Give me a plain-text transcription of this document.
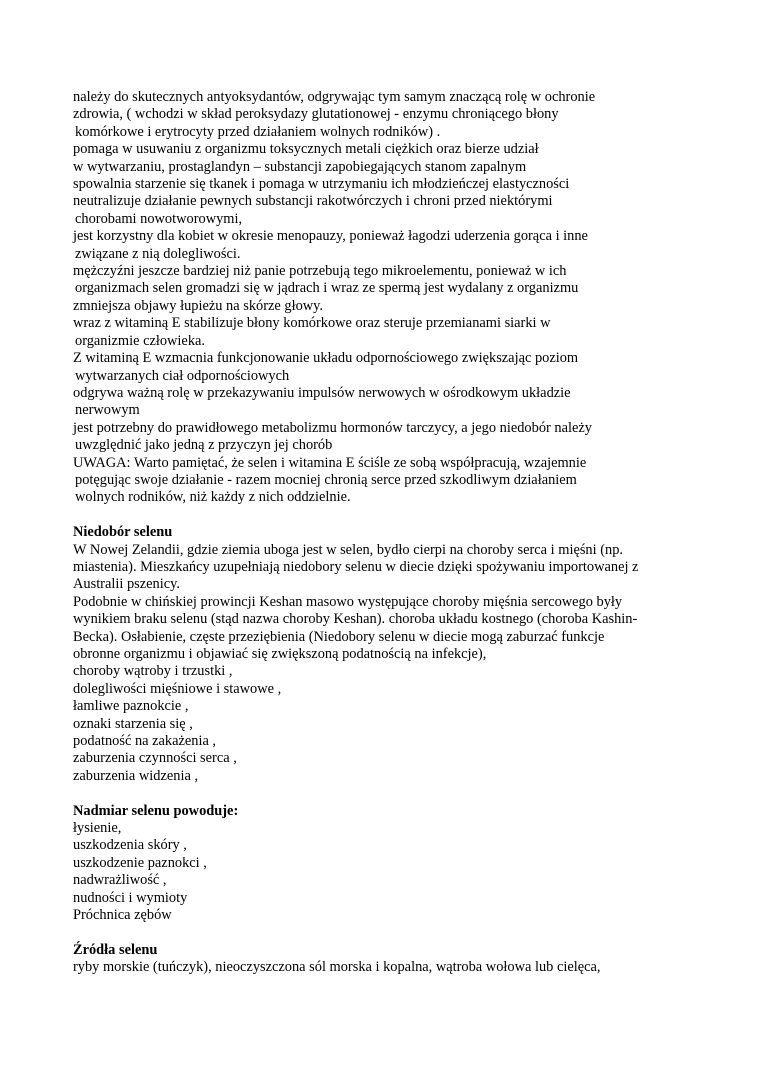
należy do skutecznych antyoksydantów, odgrywając tym samym znaczącą rolę w ochronie
zdrowia, ( wchodzi w skład peroksydazy glutationowej - enzymu chroniącego błony
komórkowe i erytrocyty przed działaniem wolnych rodników) .
pomaga w usuwaniu z organizmu toksycznych metali ciężkich oraz bierze udział
w wytwarzaniu, prostaglandyn – substancji zapobiegających stanom zapalnym
spowalnia starzenie się tkanek i pomaga w utrzymaniu ich młodzieńczej elastyczności
neutralizuje działanie pewnych substancji rakotwórczych i chroni przed niektórymi
chorobami nowotworowymi,
jest korzystny dla kobiet w okresie menopauzy, ponieważ łagodzi uderzenia gorąca i inne
związane z nią dolegliwości.
mężczyźni jeszcze bardziej niż panie potrzebują tego mikroelementu, ponieważ w ich
organizmach selen gromadzi się w jądrach i wraz ze spermą jest wydalany z organizmu
zmniejsza objawy łupieżu na skórze głowy.
wraz z witaminą E stabilizuje błony komórkowe oraz steruje przemianami siarki w
organizmie człowieka.
Z witaminą E wzmacnia funkcjonowanie układu odpornościowego zwiększając poziom
wytwarzanych ciał odpornościowych
odgrywa ważną rolę w przekazywaniu impulsów nerwowych w ośrodkowym układzie
nerwowym
jest potrzebny do prawidłowego metabolizmu hormonów tarczycy, a jego niedobór należy
uwzględnić jako jedną z przyczyn jej chorób
UWAGA: Warto pamiętać, że selen i witamina E ściśle ze sobą współpracują, wzajemnie
potęgując swoje działanie - razem mocniej chronią serce przed szkodliwym działaniem
wolnych rodników, niż każdy z nich oddzielnie.
Niedobór selenu
W Nowej Zelandii, gdzie ziemia uboga jest w selen, bydło cierpi na choroby serca i mięśni (np.
miastenia). Mieszkańcy uzupełniają niedobory selenu w diecie dzięki spożywaniu importowanej z
Australii pszenicy.
Podobnie w chińskiej prowincji Keshan masowo występujące choroby mięśnia sercowego były
wynikiem braku selenu (stąd nazwa choroby Keshan). choroba układu kostnego (choroba Kashin-
Becka). Osłabienie, częste przeziębienia (Niedobory selenu w diecie mogą zaburzać funkcje
obronne organizmu i objawiać się zwiększoną podatnością na infekcje),
choroby wątroby i trzustki ,
dolegliwości mięśniowe i stawowe ,
łamliwe paznokcie ,
oznaki starzenia się ,
podatność na zakażenia ,
zaburzenia czynności serca ,
zaburzenia widzenia ,
Nadmiar selenu powoduje:
łysienie,
uszkodzenia skóry ,
uszkodzenie paznokci ,
nadwrażliwość ,
nudności i wymioty
Próchnica zębów
Źródła selenu
ryby morskie (tuńczyk), nieoczyszczona sól morska i kopalna, wątroba wołowa lub cielęca,
